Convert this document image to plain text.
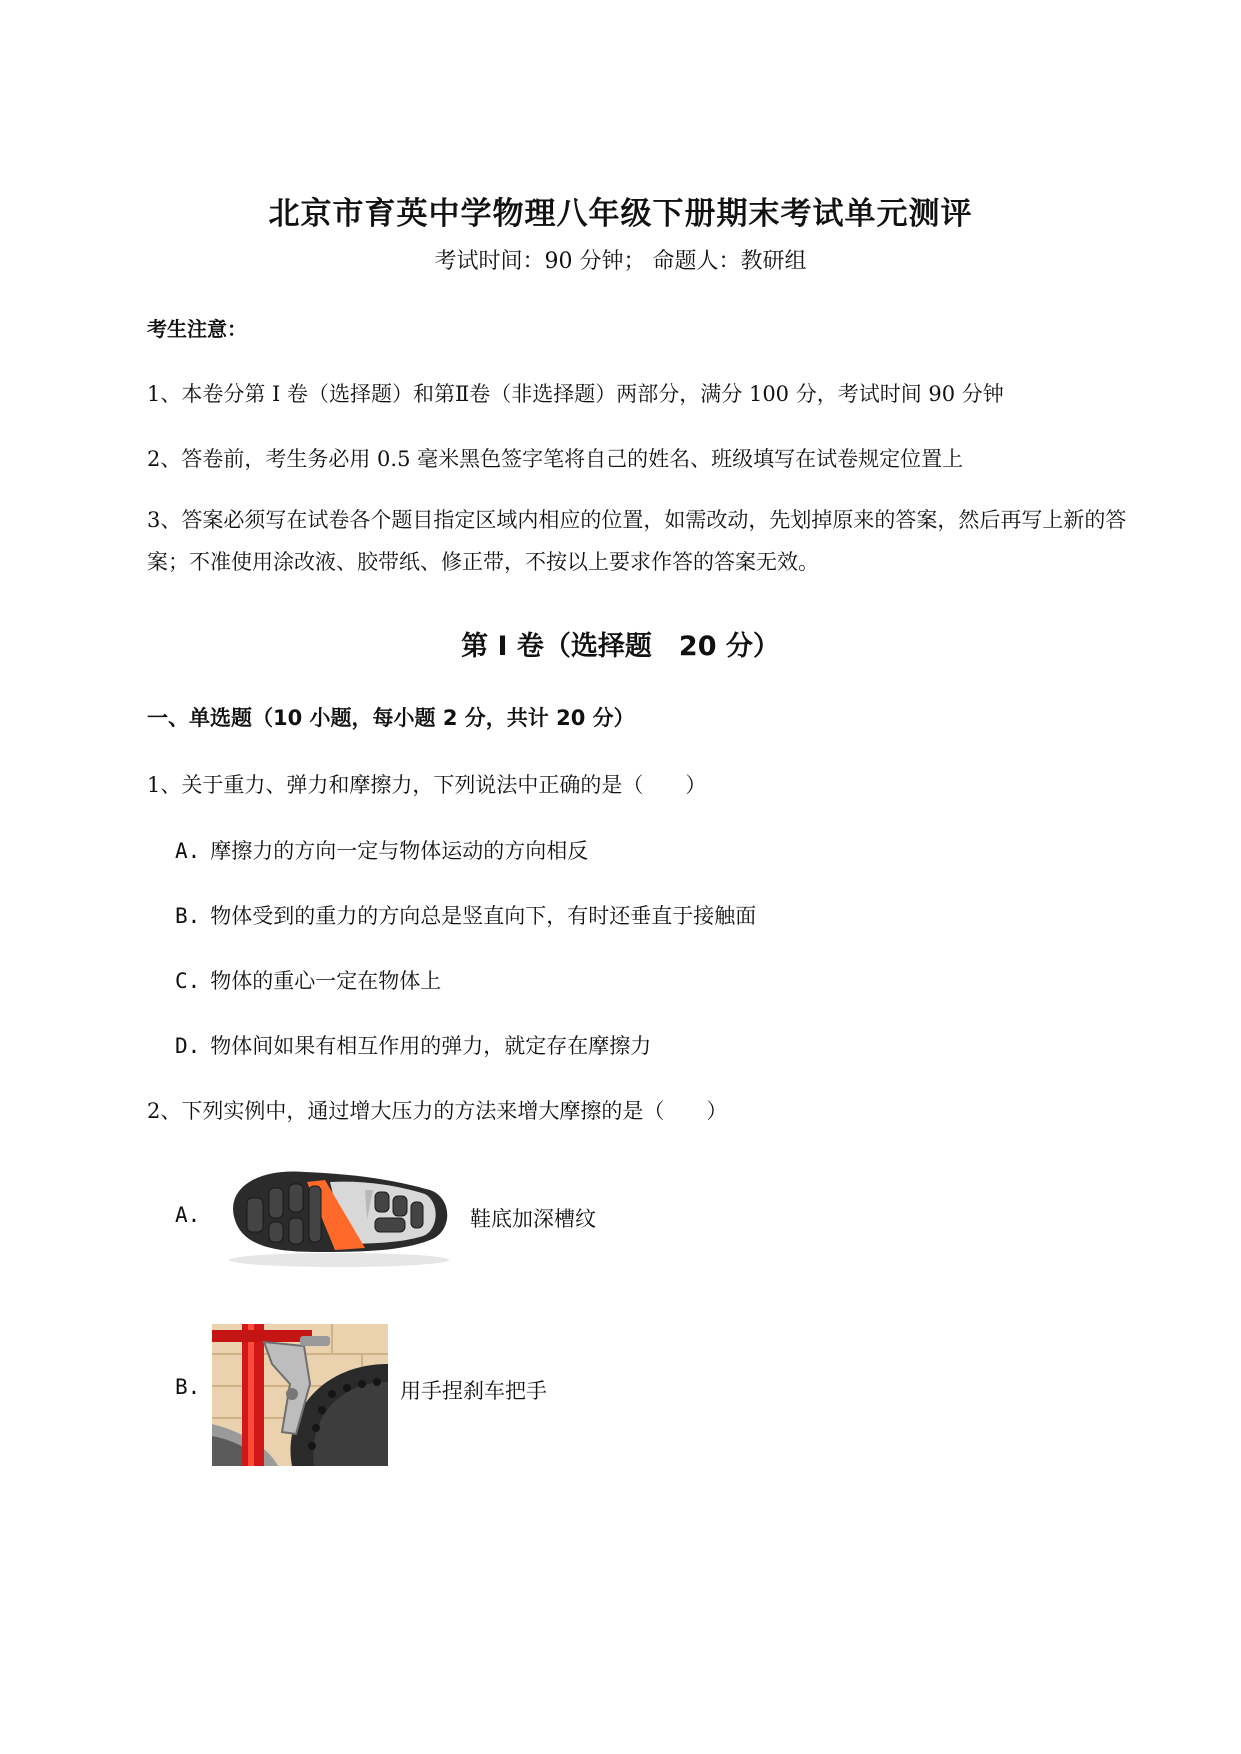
北京市育英中学物理八年级下册期末考试单元测评
考试时间：90 分钟； 命题人：教研组
考生注意：
1、本卷分第 I 卷（选择题）和第Ⅱ卷（非选择题）两部分，满分 100 分，考试时间 90 分钟
2、答卷前，考生务必用 0.5 毫米黑色签字笔将自己的姓名、班级填写在试卷规定位置上
3、答案必须写在试卷各个题目指定区域内相应的位置，如需改动，先划掉原来的答案，然后再写上新的答案；不准使用涂改液、胶带纸、修正带，不按以上要求作答的答案无效。
第 I 卷（选择题　20 分）
一、单选题（10 小题，每小题 2 分，共计 20 分）
1、关于重力、弹力和摩擦力，下列说法中正确的是（　　）
A. 摩擦力的方向一定与物体运动的方向相反
B. 物体受到的重力的方向总是竖直向下，有时还垂直于接触面
C. 物体的重心一定在物体上
D. 物体间如果有相互作用的弹力，就定存在摩擦力
2、下列实例中，通过增大压力的方法来增大摩擦的是（　　）
A.	鞋底加深槽纹
B.	用手捏刹车把手
